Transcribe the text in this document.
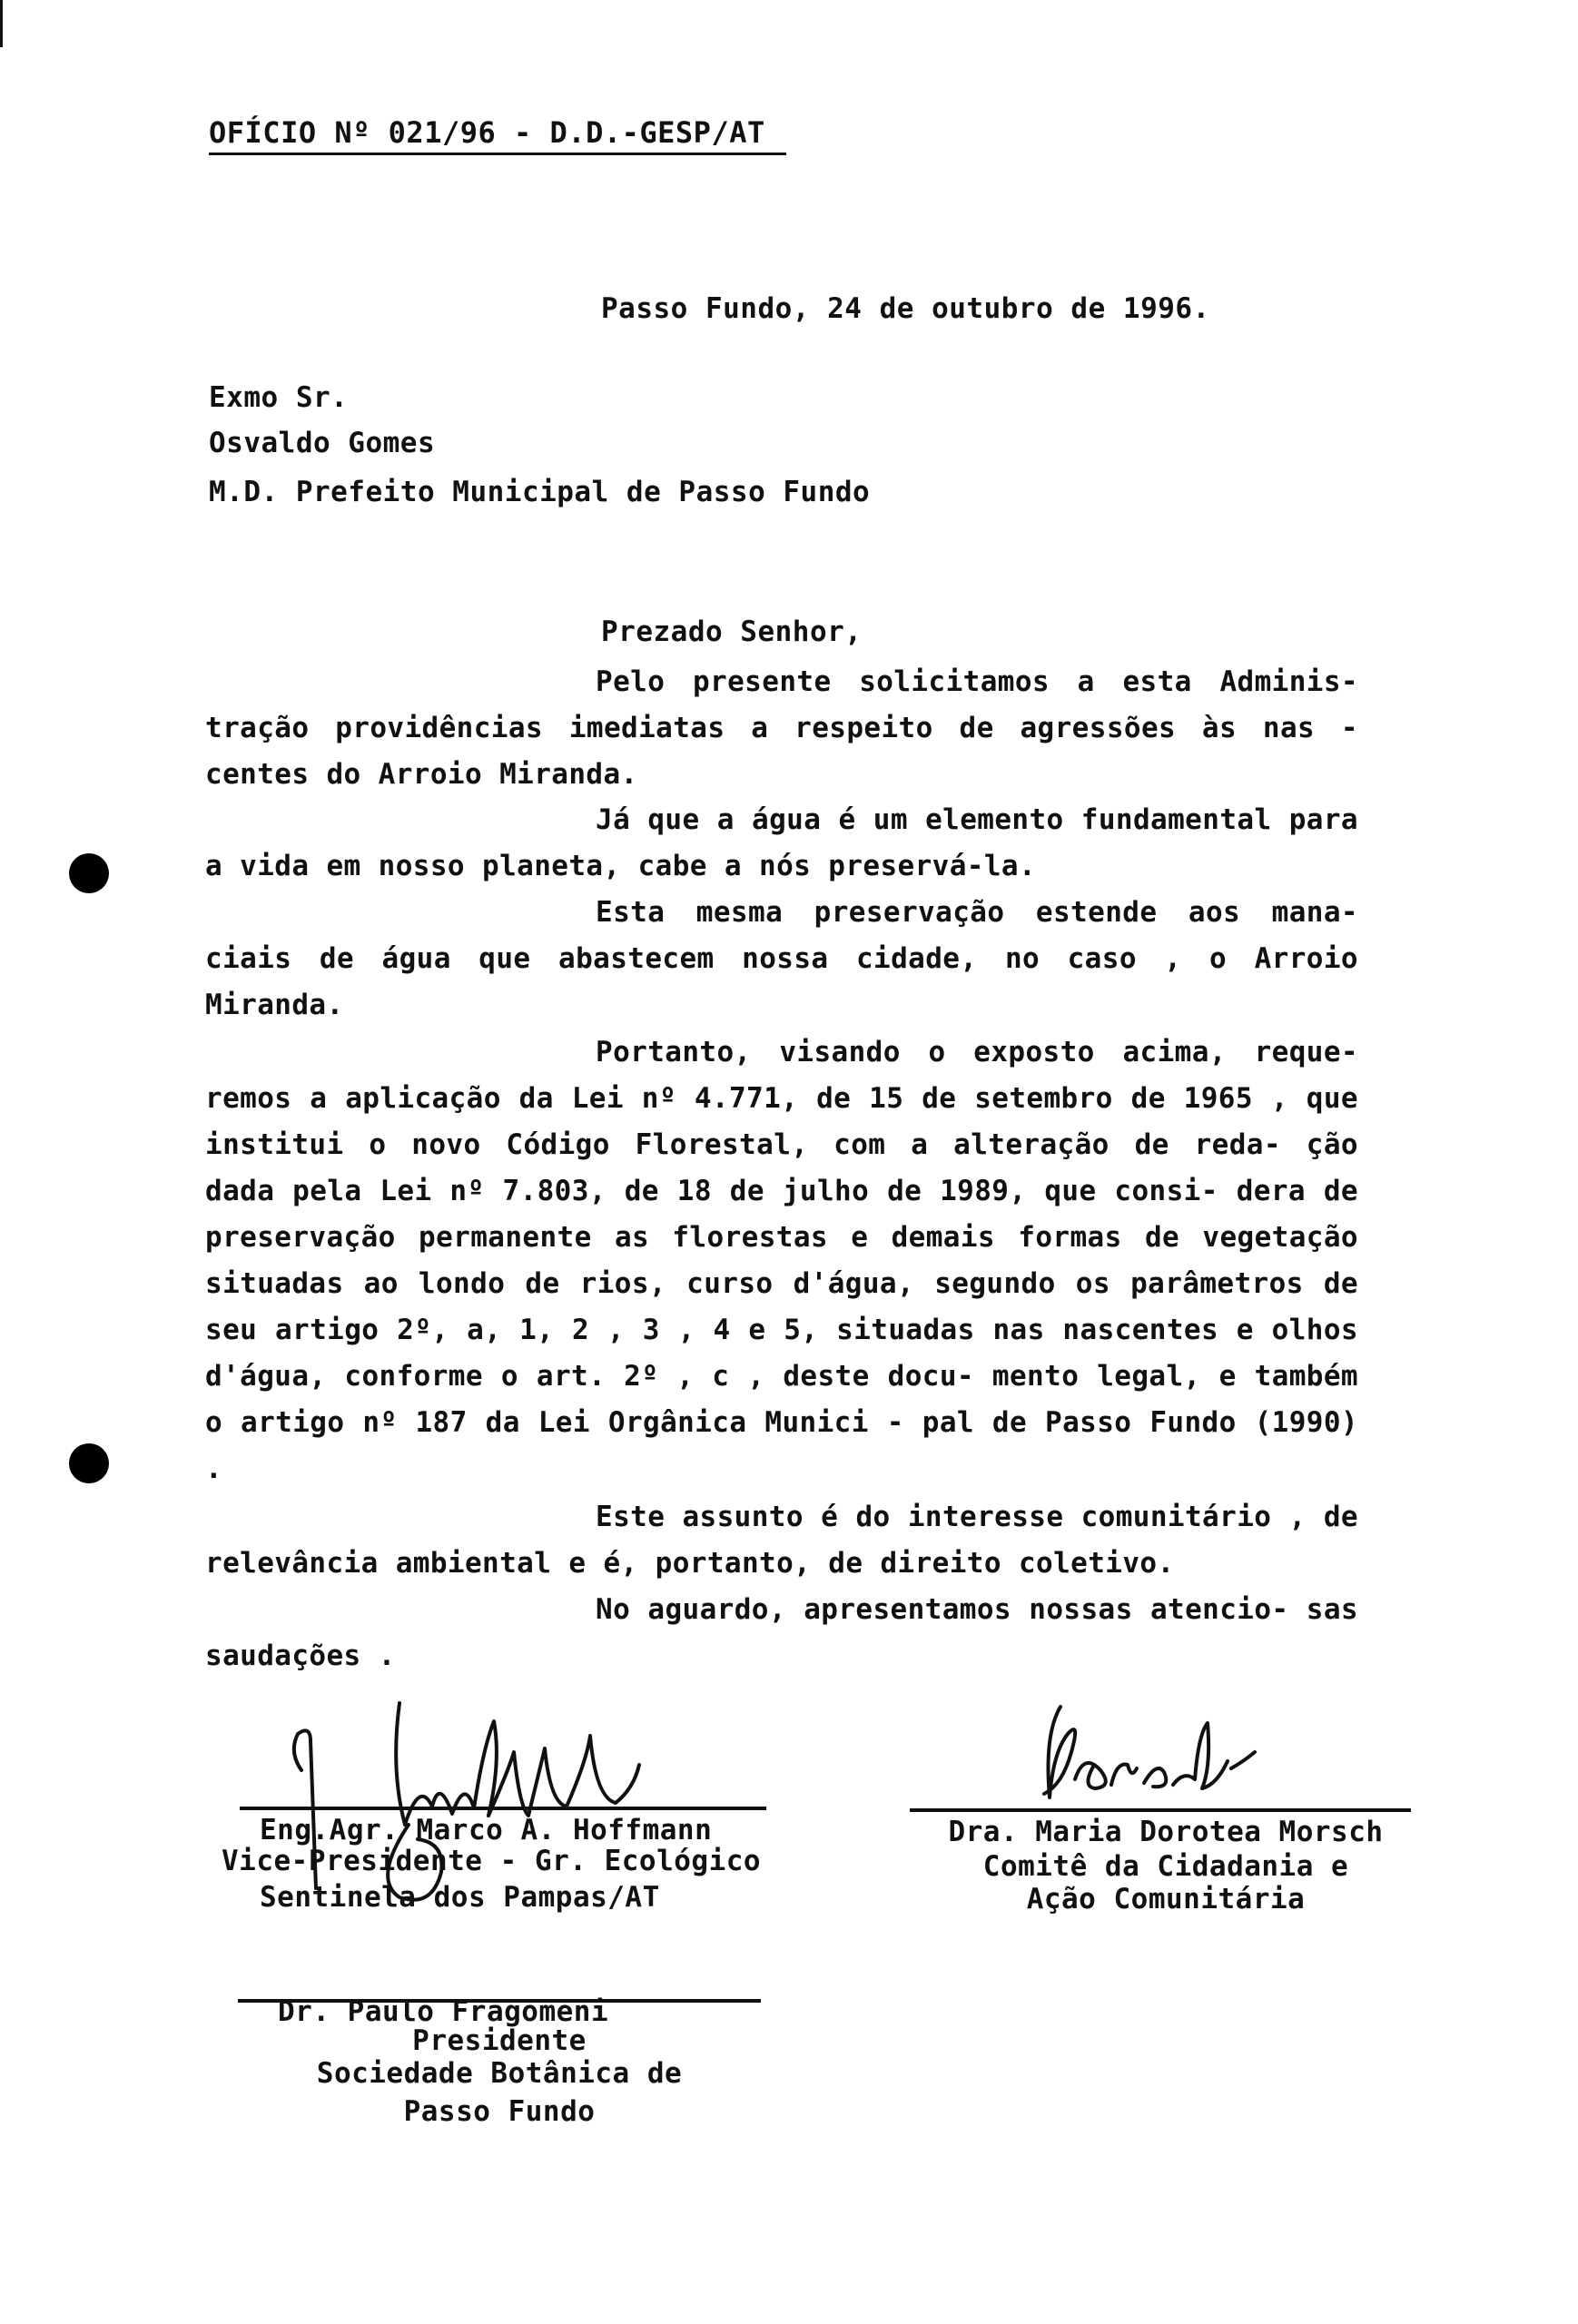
OFÍCIO Nº 021/96 - D.D.-GESP/AT
Passo Fundo, 24 de outubro de 1996.
Exmo Sr.
Osvaldo Gomes
M.D. Prefeito Municipal de Passo Fundo
Prezado Senhor,
Pelo presente solicitamos a esta Adminis- tração providências imediatas a respeito de agressões às nas - centes do Arroio Miranda.
Já que a água é um elemento fundamental para a vida em nosso planeta, cabe a nós preservá-la.
Esta mesma preservação estende aos mana- ciais de água que abastecem nossa cidade, no caso , o Arroio Miranda.
Portanto, visando o exposto acima, reque- remos a aplicação da Lei nº 4.771, de 15 de setembro de 1965 , que institui o novo Código Florestal, com a alteração de reda- ção dada pela Lei nº 7.803, de 18 de julho de 1989, que consi- dera de preservação permanente as florestas e demais formas de vegetação situadas ao londo de rios, curso d'água, segundo os parâmetros de seu artigo 2º, a, 1, 2 , 3 , 4 e 5, situadas nas nascentes e olhos d'água, conforme o art. 2º , c , deste docu- mento legal, e também o artigo nº 187 da Lei Orgânica Munici - pal de Passo Fundo (1990) .
Este assunto é do interesse comunitário , de relevância ambiental e é, portanto, de direito coletivo.
No aguardo, apresentamos nossas atencio- sas saudações .
Eng.Agr. Marco A. Hoffmann
Vice-Presidente - Gr. Ecológico
Sentinela dos Pampas/AT
Dra. Maria Dorotea Morsch
Comitê da Cidadania e
Ação Comunitária
Dr. Paulo Fragomeni
Presidente
Sociedade Botânica de
Passo Fundo
